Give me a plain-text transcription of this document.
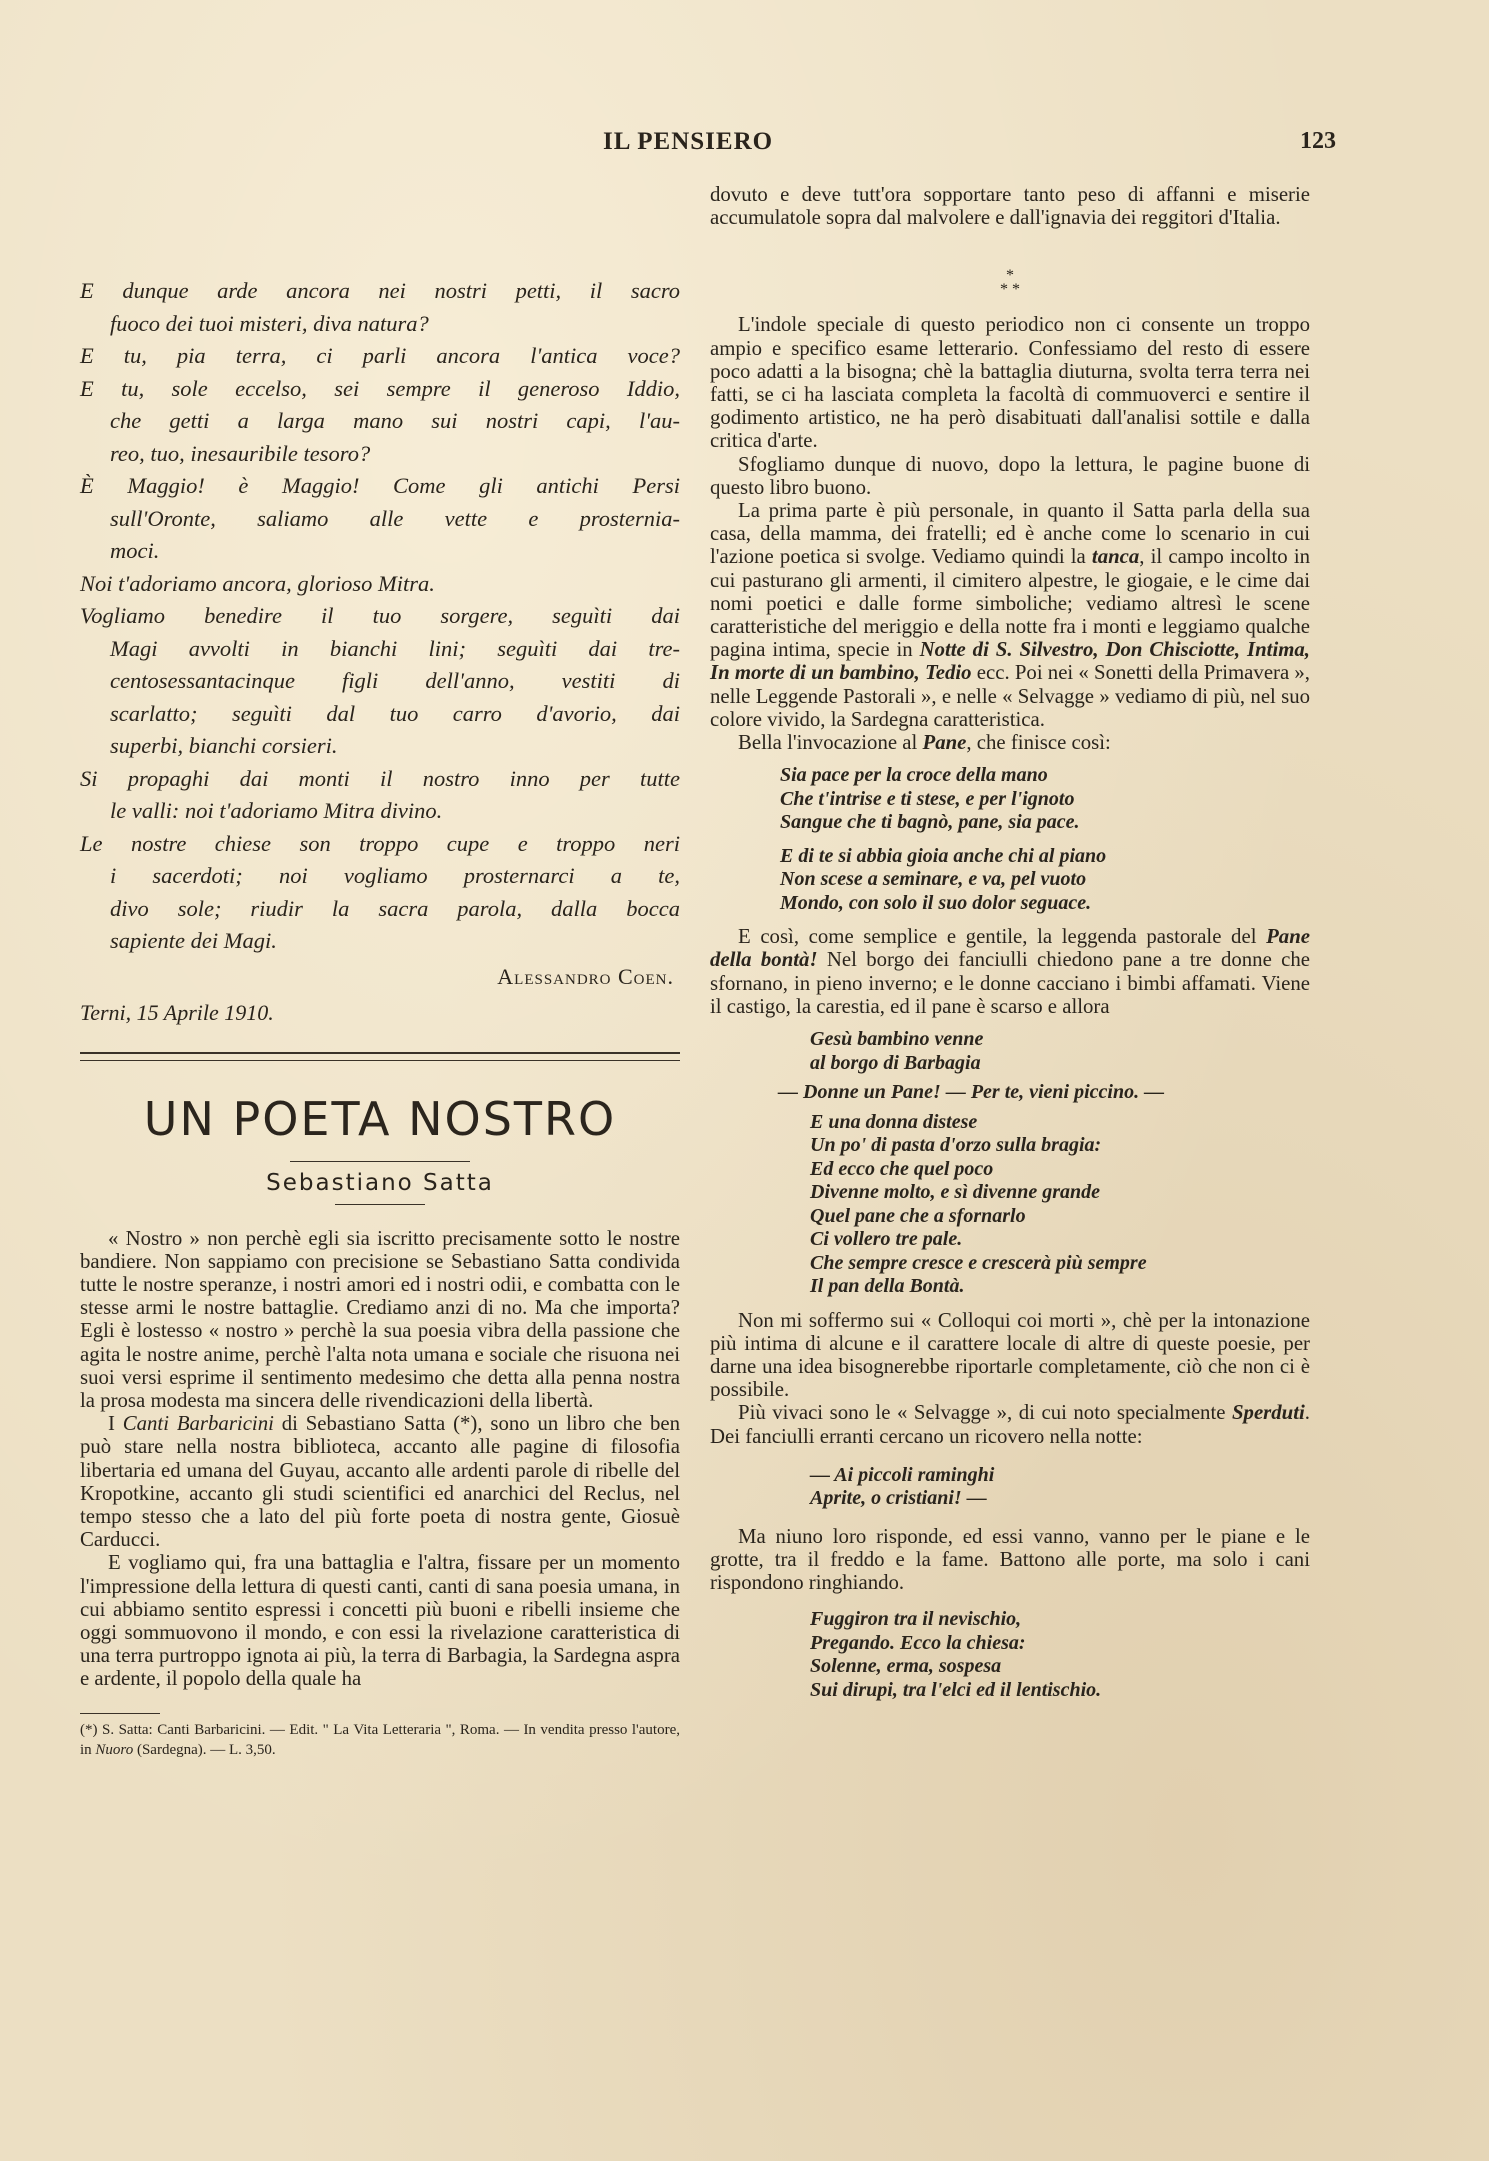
IL PENSIERO	123
E dunque arde ancora nei nostri petti, il sacro
fuoco dei tuoi misteri, diva natura?
E tu, pia terra, ci parli ancora l'antica voce?
E tu, sole eccelso, sei sempre il generoso Iddio,
che getti a larga mano sui nostri capi, l'au-
reo, tuo, inesauribile tesoro?
È Maggio! è Maggio! Come gli antichi Persi
sull'Oronte, saliamo alle vette e prosternia-
moci.
Noi t'adoriamo ancora, glorioso Mitra.
Vogliamo benedire il tuo sorgere, seguìti dai
Magi avvolti in bianchi lini; seguìti dai tre-
centosessantacinque figli dell'anno, vestiti di
scarlatto; seguìti dal tuo carro d'avorio, dai
superbi, bianchi corsieri.
Si propaghi dai monti il nostro inno per tutte
le valli: noi t'adoriamo Mitra divino.
Le nostre chiese son troppo cupe e troppo neri
i sacerdoti; noi vogliamo prosternarci a te,
divo sole; riudir la sacra parola, dalla bocca
sapiente dei Magi.
Alessandro Coen.
Terni, 15 Aprile 1910.
UN POETA NOSTRO
Sebastiano Satta

« Nostro » non perchè egli sia iscritto precisamente sotto le nostre bandiere. Non sappiamo con precisione se Sebastiano Satta condivida tutte le nostre speranze, i nostri amori ed i nostri odii, e combatta con le stesse armi le nostre battaglie. Crediamo anzi di no. Ma che importa? Egli è lostesso « nostro » perchè la sua poesia vibra della passione che agita le nostre anime, perchè l'alta nota umana e sociale che risuona nei suoi versi esprime il sentimento medesimo che detta alla penna nostra la prosa modesta ma sincera delle rivendicazioni della libertà.

I Canti Barbaricini di Sebastiano Satta (*), sono un libro che ben può stare nella nostra biblioteca, accanto alle pagine di filosofia libertaria ed umana del Guyau, accanto alle ardenti parole di ribelle del Kropotkine, accanto gli studi scientifici ed anarchici del Reclus, nel tempo stesso che a lato del più forte poeta di nostra gente, Giosuè Carducci.

E vogliamo qui, fra una battaglia e l'altra, fissare per un momento l'impressione della lettura di questi canti, canti di sana poesia umana, in cui abbiamo sentito espressi i concetti più buoni e ribelli insieme che oggi sommuovono il mondo, e con essi la rivelazione caratteristica di una terra purtroppo ignota ai più, la terra di Barbagia, la Sardegna aspra e ardente, il popolo della quale ha

(*) S. Satta: Canti Barbaricini. — Edit. " La Vita Letteraria ", Roma. — In vendita presso l'autore, in Nuoro (Sardegna). — L. 3,50.

dovuto e deve tutt'ora sopportare tanto peso di affanni e miserie accumulatole sopra dal malvolere e dall'ignavia dei reggitori d'Italia.

*
* *

L'indole speciale di questo periodico non ci consente un troppo ampio e specifico esame letterario. Confessiamo del resto di essere poco adatti a la bisogna; chè la battaglia diuturna, svolta terra terra nei fatti, se ci ha lasciata completa la facoltà di commuoverci e sentire il godimento artistico, ne ha però disabituati dall'analisi sottile e dalla critica d'arte.

Sfogliamo dunque di nuovo, dopo la lettura, le pagine buone di questo libro buono.

La prima parte è più personale, in quanto il Satta parla della sua casa, della mamma, dei fratelli; ed è anche come lo scenario in cui l'azione poetica si svolge. Vediamo quindi la tanca, il campo incolto in cui pasturano gli armenti, il cimitero alpestre, le giogaie, e le cime dai nomi poetici e dalle forme simboliche; vediamo altresì le scene caratteristiche del meriggio e della notte fra i monti e leggiamo qualche pagina intima, specie in Notte di S. Silvestro, Don Chisciotte, Intima, In morte di un bambino, Tedio ecc. Poi nei « Sonetti della Primavera », nelle Leggende Pastorali », e nelle « Selvagge » vediamo di più, nel suo colore vivido, la Sardegna caratteristica.

Bella l'invocazione al Pane, che finisce così:

Sia pace per la croce della mano
Che t'intrise e ti stese, e per l'ignoto
Sangue che ti bagnò, pane, sia pace.
E di te si abbia gioia anche chi al piano
Non scese a seminare, e va, pel vuoto
Mondo, con solo il suo dolor seguace.

E così, come semplice e gentile, la leggenda pastorale del Pane della bontà! Nel borgo dei fanciulli chiedono pane a tre donne che sfornano, in pieno inverno; e le donne cacciano i bimbi affamati. Viene il castigo, la carestia, ed il pane è scarso e allora

Gesù bambino venne
al borgo di Barbagia
— Donne un Pane! — Per te, vieni piccino. —
E una donna distese
Un po' di pasta d'orzo sulla bragia:
Ed ecco che quel poco
Divenne molto, e sì divenne grande
Quel pane che a sfornarlo
Ci vollero tre pale.
Che sempre cresce e crescerà più sempre
Il pan della Bontà.

Non mi soffermo sui « Colloqui coi morti », chè per la intonazione più intima di alcune e il carattere locale di altre di queste poesie, per darne una idea bisognerebbe riportarle completamente, ciò che non ci è possibile.

Più vivaci sono le « Selvagge », di cui noto specialmente Sperduti. Dei fanciulli erranti cercano un ricovero nella notte:

— Ai piccoli raminghi
Aprite, o cristiani! —

Ma niuno loro risponde, ed essi vanno, vanno per le piane e le grotte, tra il freddo e la fame. Battono alle porte, ma solo i cani rispondono ringhiando.

Fuggiron tra il nevischio,
Pregando. Ecco la chiesa:
Solenne, erma, sospesa
Sui dirupi, tra l'elci ed il lentischio.
